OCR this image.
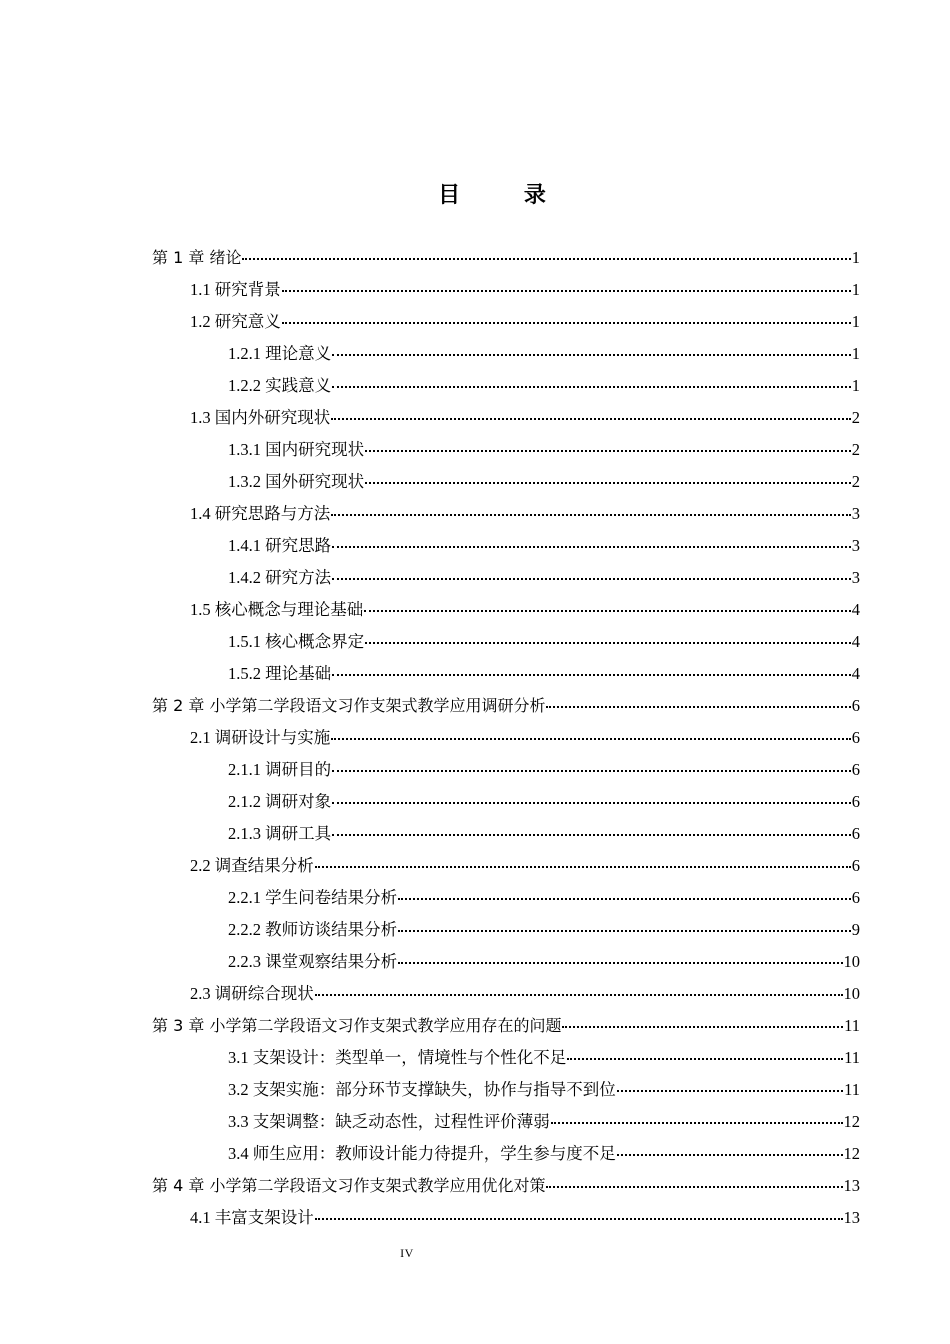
目 录
第 1 章 绪论	1
1.1 研究背景	1
1.2 研究意义	1
1.2.1 理论意义	1
1.2.2 实践意义	1
1.3 国内外研究现状	2
1.3.1 国内研究现状	2
1.3.2 国外研究现状	2
1.4 研究思路与方法	3
1.4.1 研究思路	3
1.4.2 研究方法	3
1.5 核心概念与理论基础	4
1.5.1 核心概念界定	4
1.5.2 理论基础	4
第 2 章 小学第二学段语文习作支架式教学应用调研分析	6
2.1 调研设计与实施	6
2.1.1 调研目的	6
2.1.2 调研对象	6
2.1.3 调研工具	6
2.2 调查结果分析	6
2.2.1 学生问卷结果分析	6
2.2.2 教师访谈结果分析	9
2.2.3 课堂观察结果分析	10
2.3 调研综合现状	10
第 3 章 小学第二学段语文习作支架式教学应用存在的问题	11
3.1 支架设计：类型单一，情境性与个性化不足	11
3.2 支架实施：部分环节支撑缺失，协作与指导不到位	11
3.3 支架调整：缺乏动态性，过程性评价薄弱	12
3.4 师生应用：教师设计能力待提升，学生参与度不足	12
第 4 章 小学第二学段语文习作支架式教学应用优化对策	13
4.1 丰富支架设计	13
IV
